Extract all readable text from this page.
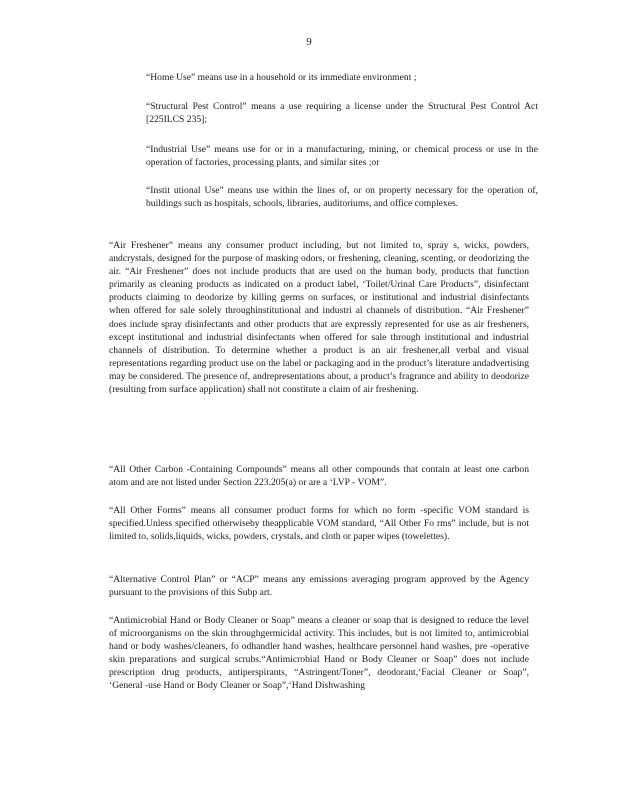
9

“Home Use” means use in a household or its immediate environment ;

“Structural Pest Control” means a use requiring a license under the Structural Pest Control Act [225ILCS 235];

“Industrial Use” means use for or in a manufacturing, mining, or chemical process or use in the operation of factories, processing plants, and similar sites ;or

“Instit utional Use” means use within the lines of, or on property necessary for the operation of, buildings such as hospitals, schools, libraries, auditoriums, and office complexes.

“Air Freshener” means any consumer product including, but not limited to, spray s, wicks, powders, andcrystals, designed for the purpose of masking odors, or freshening, cleaning, scenting, or deodorizing the air. “Air Freshener” does not include products that are used on the human body, products that function primarily as cleaning products as indicated on a product label, ‘Toilet/Urinal Care Products”, disinfectant products claiming to deodorize by killing germs on surfaces, or institutional and industrial disinfectants when offered for sale solely throughinstitutional and industri al channels of distribution. “Air Freshener” does include spray disinfectants and other products that are expressly represented for use as air fresheners, except institutional and industrial disinfectants when offered for sale through institutional and industrial channels of distribution. To determine whether a product is an air freshener,all verbal and visual representations regarding product use on the label or packaging and in the product’s literature andadvertising may be considered. The presence of, andrepresentations about, a product’s fragrance and ability to deodorize (resulting from surface application) shall not constitute a claim of air freshening.

“All Other Carbon -Containing Compounds” means all other compounds that contain at least one carbon atom and are not listed under Section 223.205(a) or are a ‘LVP - VOM”.

“All Other Forms” means all consumer product forms for which no form -specific VOM standard is specified.Unless specified otherwiseby theapplicable VOM standard, “All Other Fo rms” include, but is not limited to, solids,liquids, wicks, powders, crystals, and cloth or paper wipes (towelettes).

“Alternative Control Plan” or “ACP” means any emissions averaging program approved by the Agency pursuant to the provisions of this Subp art.

“Antimicrobial Hand or Body Cleaner or Soap” means a cleaner or soap that is designed to reduce the level of microorganisms on the skin throughgermicidal activity. This includes, but is not limited to, antimicrobial hand or body washes/cleaners, fo odhandler hand washes, healthcare personnel hand washes, pre -operative skin preparations and surgical scrubs.“Antimicrobial Hand or Body Cleaner or Soap” does not include prescription drug products, antiperspirants, “Astringent/Toner”, deodorant,‘Facial Cleaner or Soap”, ‘General -use Hand or Body Cleaner or Soap”,‘Hand Dishwashing
